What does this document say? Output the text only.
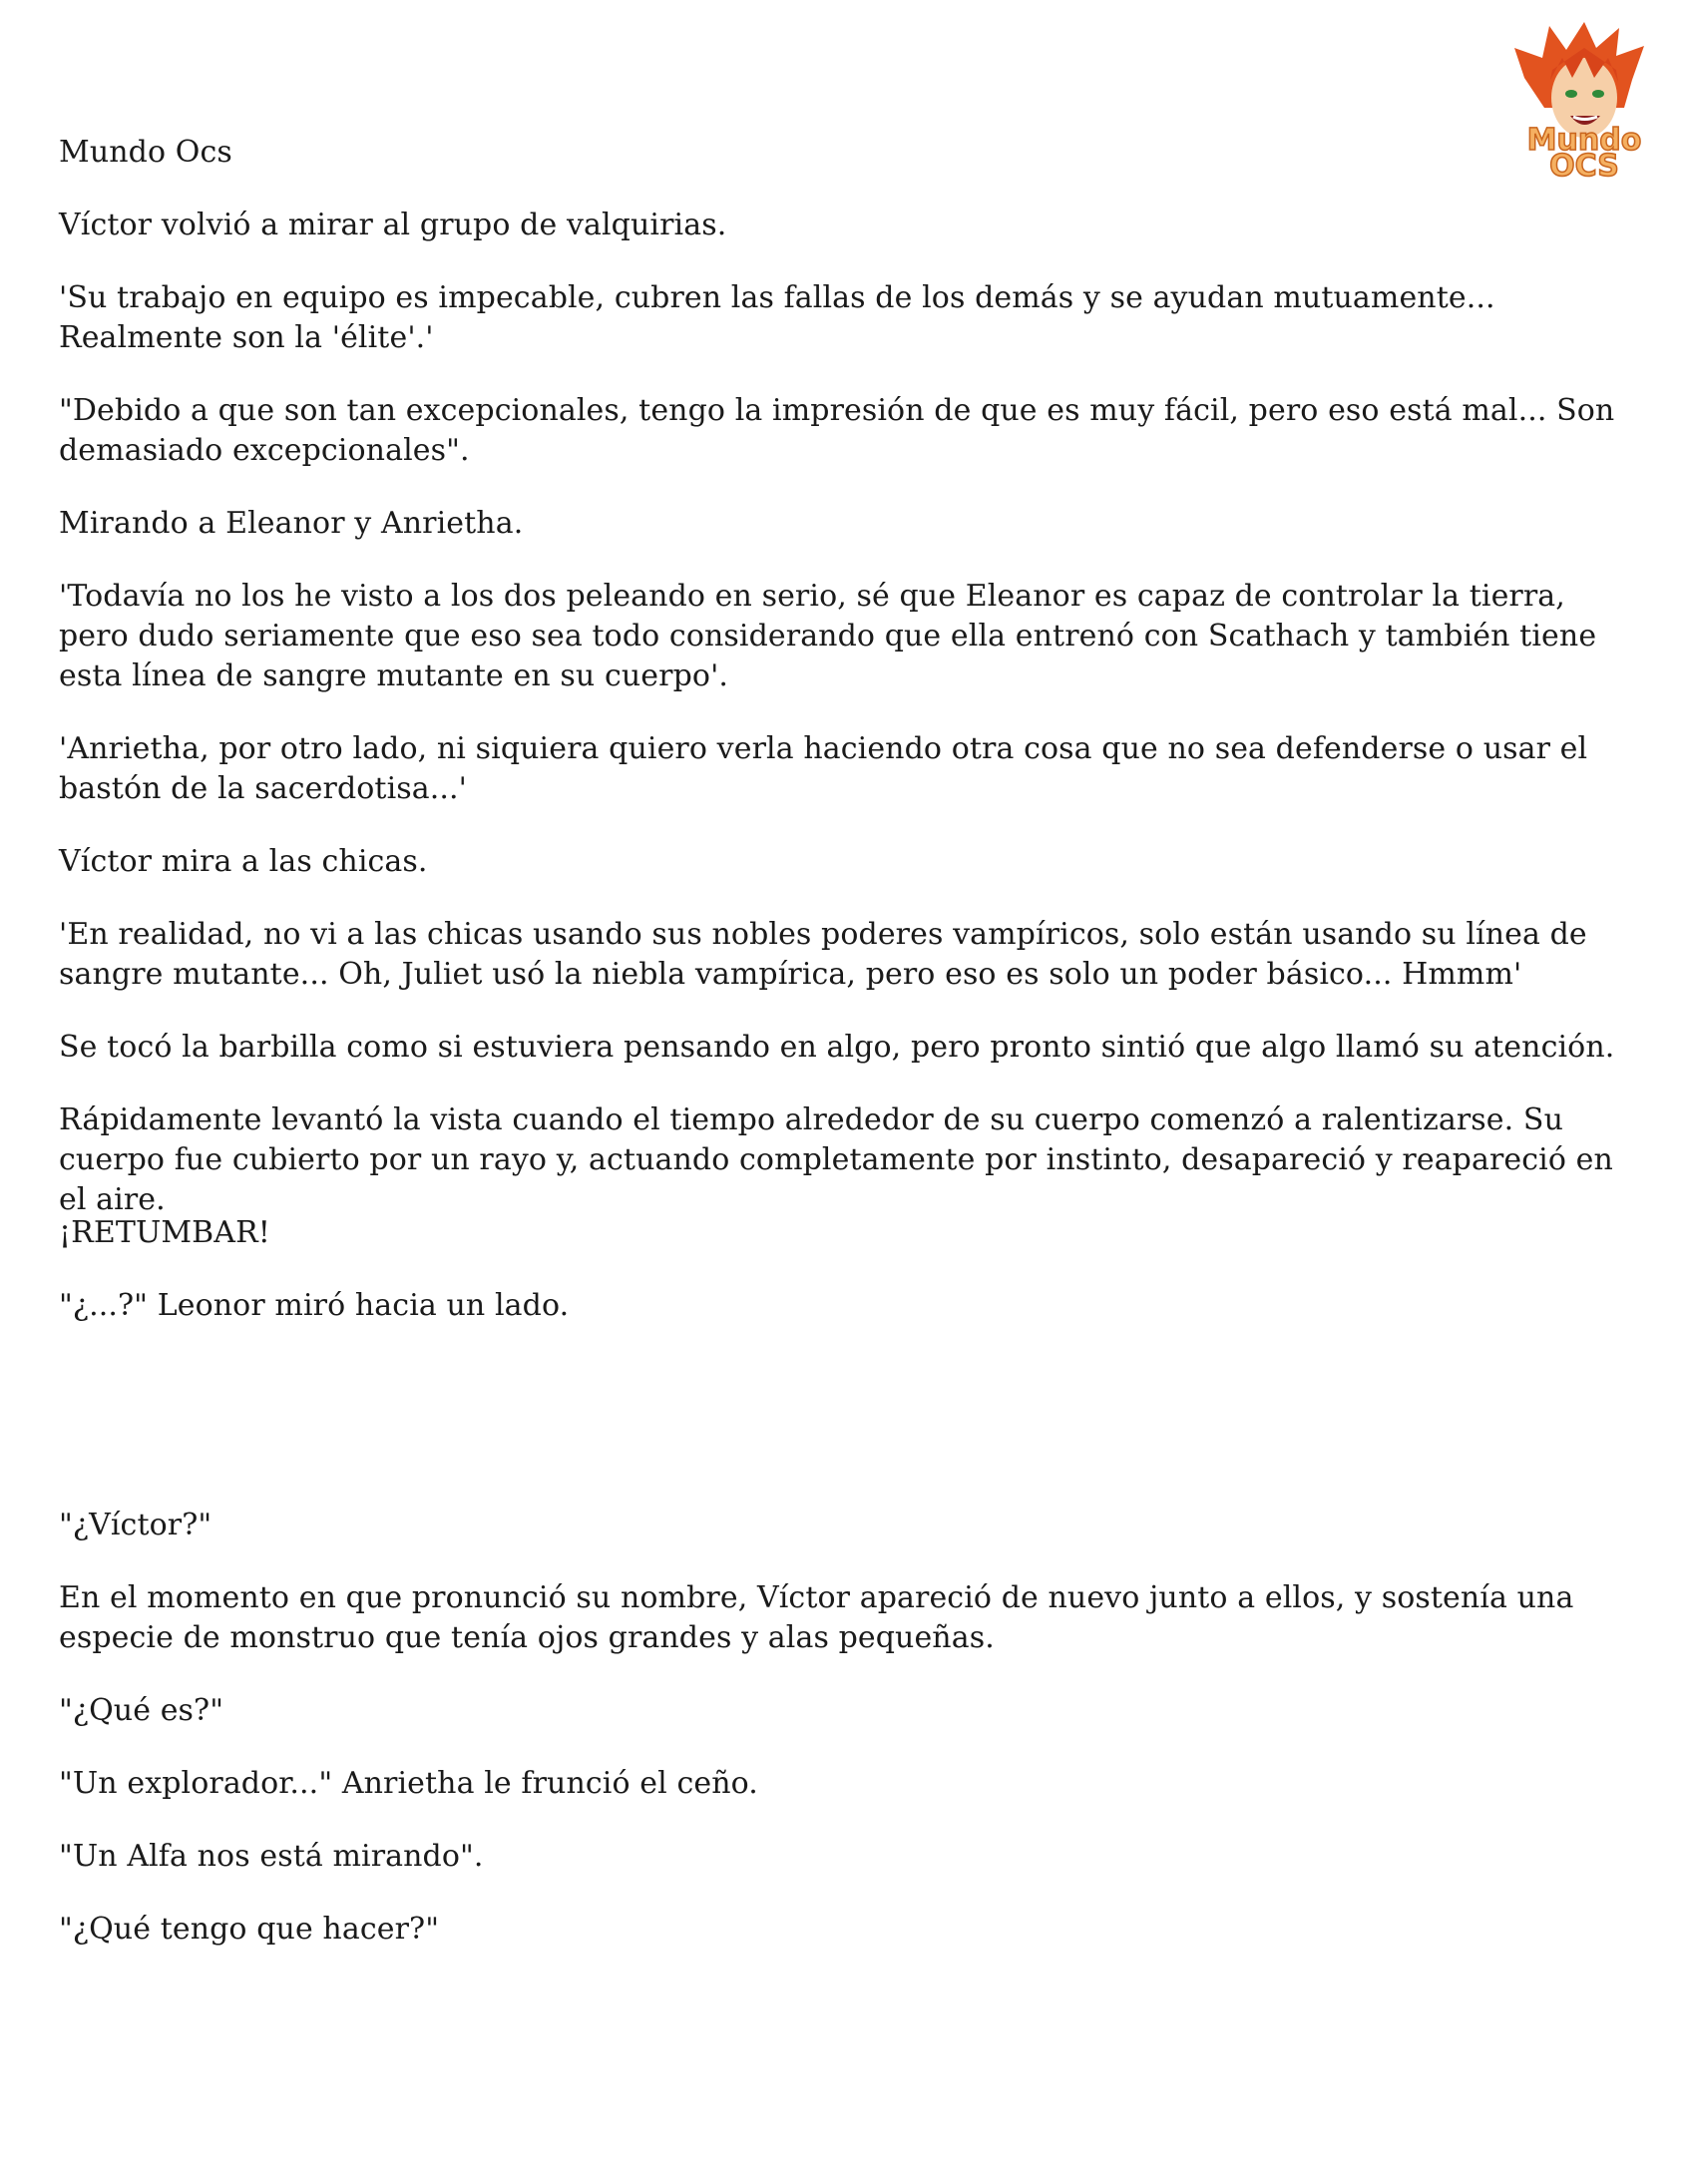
Mundo
OCS

Mundo Ocs

Víctor volvió a mirar al grupo de valquirias.

'Su trabajo en equipo es impecable, cubren las fallas de los demás y se ayudan mutuamente... Realmente son la 'élite'.'

"Debido a que son tan excepcionales, tengo la impresión de que es muy fácil, pero eso está mal... Son demasiado excepcionales".

Mirando a Eleanor y Anrietha.

'Todavía no los he visto a los dos peleando en serio, sé que Eleanor es capaz de controlar la tierra, pero dudo seriamente que eso sea todo considerando que ella entrenó con Scathach y también tiene esta línea de sangre mutante en su cuerpo'.

'Anrietha, por otro lado, ni siquiera quiero verla haciendo otra cosa que no sea defenderse o usar el bastón de la sacerdotisa...'

Víctor mira a las chicas.

'En realidad, no vi a las chicas usando sus nobles poderes vampíricos, solo están usando su línea de sangre mutante... Oh, Juliet usó la niebla vampírica, pero eso es solo un poder básico... Hmmm'

Se tocó la barbilla como si estuviera pensando en algo, pero pronto sintió que algo llamó su atención.

Rápidamente levantó la vista cuando el tiempo alrededor de su cuerpo comenzó a ralentizarse. Su cuerpo fue cubierto por un rayo y, actuando completamente por instinto, desapareció y reapareció en el aire.

¡RETUMBAR!

"¿...?" Leonor miró hacia un lado.

"¿Víctor?"

En el momento en que pronunció su nombre, Víctor apareció de nuevo junto a ellos, y sostenía una especie de monstruo que tenía ojos grandes y alas pequeñas.

"¿Qué es?"

"Un explorador..." Anrietha le frunció el ceño.

"Un Alfa nos está mirando".

"¿Qué tengo que hacer?"
